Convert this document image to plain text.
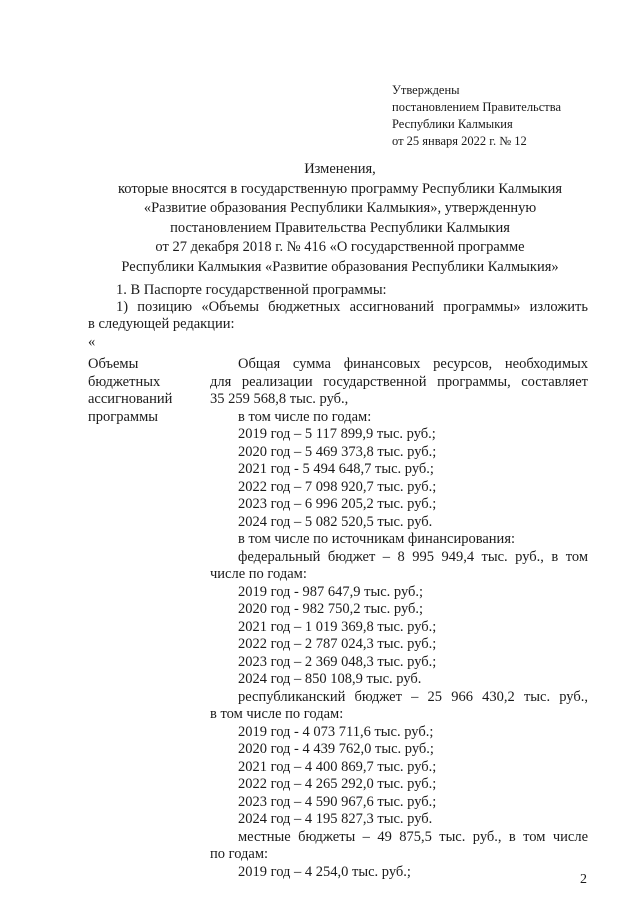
Утверждены
постановлением Правительства
Республики Калмыкия
от 25 января 2022 г. № 12
Изменения,
которые вносятся в государственную программу Республики Калмыкия
«Развитие образования Республики Калмыкия», утвержденную
постановлением Правительства Республики Калмыкия
от 27 декабря 2018 г. № 416 «О государственной программе
Республики Калмыкия «Развитие образования Республики Калмыкия»
1. В Паспорте государственной программы:
1) позицию «Объемы бюджетных ассигнований программы» изложить
в следующей редакции:
«
Объемы
бюджетных
ассигнований
программы
Общая сумма финансовых ресурсов, необходимых
для реализации государственной программы, составляет
35 259 568,8 тыс. руб.,
в том числе по годам:
2019 год – 5 117 899,9 тыс. руб.;
2020 год – 5 469 373,8 тыс. руб.;
2021 год - 5 494 648,7 тыс. руб.;
2022 год – 7 098 920,7 тыс. руб.;
2023 год – 6 996 205,2 тыс. руб.;
2024 год – 5 082 520,5 тыс. руб.
в том числе по источникам финансирования:
федеральный бюджет – 8 995 949,4 тыс. руб., в том
числе по годам:
2019 год - 987 647,9 тыс. руб.;
2020 год - 982 750,2 тыс. руб.;
2021 год – 1 019 369,8 тыс. руб.;
2022 год – 2 787 024,3 тыс. руб.;
2023 год – 2 369 048,3 тыс. руб.;
2024 год – 850 108,9 тыс. руб.
республиканский бюджет – 25 966 430,2 тыс. руб.,
в том числе по годам:
2019 год - 4 073 711,6 тыс. руб.;
2020 год - 4 439 762,0 тыс. руб.;
2021 год – 4 400 869,7 тыс. руб.;
2022 год – 4 265 292,0 тыс. руб.;
2023 год – 4 590 967,6 тыс. руб.;
2024 год – 4 195 827,3 тыс. руб.
местные бюджеты – 49 875,5 тыс. руб., в том числе
по годам:
2019 год – 4 254,0 тыс. руб.;	2
